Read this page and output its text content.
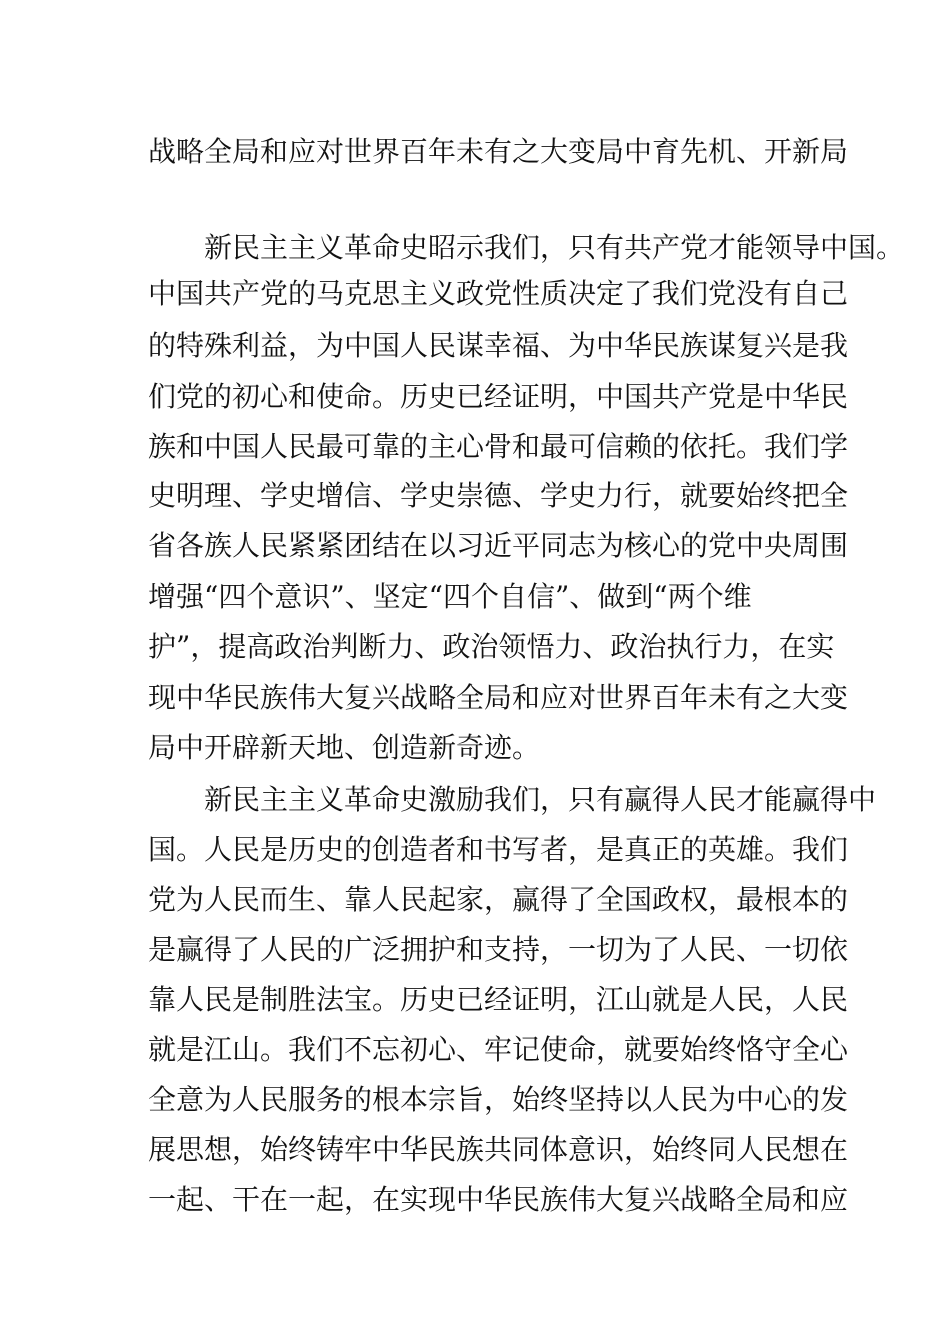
战略全局和应对世界百年未有之大变局中育先机、开新局
　　新民主主义革命史昭示我们，只有共产党才能领导中国。
中国共产党的马克思主义政党性质决定了我们党没有自己
的特殊利益，为中国人民谋幸福、为中华民族谋复兴是我
们党的初心和使命。历史已经证明，中国共产党是中华民
族和中国人民最可靠的主心骨和最可信赖的依托。我们学
史明理、学史增信、学史崇德、学史力行，就要始终把全
省各族人民紧紧团结在以习近平同志为核心的党中央周围
增强“四个意识”、坚定“四个自信”、做到“两个维
护”，提高政治判断力、政治领悟力、政治执行力，在实
现中华民族伟大复兴战略全局和应对世界百年未有之大变
局中开辟新天地、创造新奇迹。
　　新民主主义革命史激励我们，只有赢得人民才能赢得中
国。人民是历史的创造者和书写者，是真正的英雄。我们
党为人民而生、靠人民起家，赢得了全国政权，最根本的
是赢得了人民的广泛拥护和支持，一切为了人民、一切依
靠人民是制胜法宝。历史已经证明，江山就是人民，人民
就是江山。我们不忘初心、牢记使命，就要始终恪守全心
全意为人民服务的根本宗旨，始终坚持以人民为中心的发
展思想，始终铸牢中华民族共同体意识，始终同人民想在
一起、干在一起，在实现中华民族伟大复兴战略全局和应
